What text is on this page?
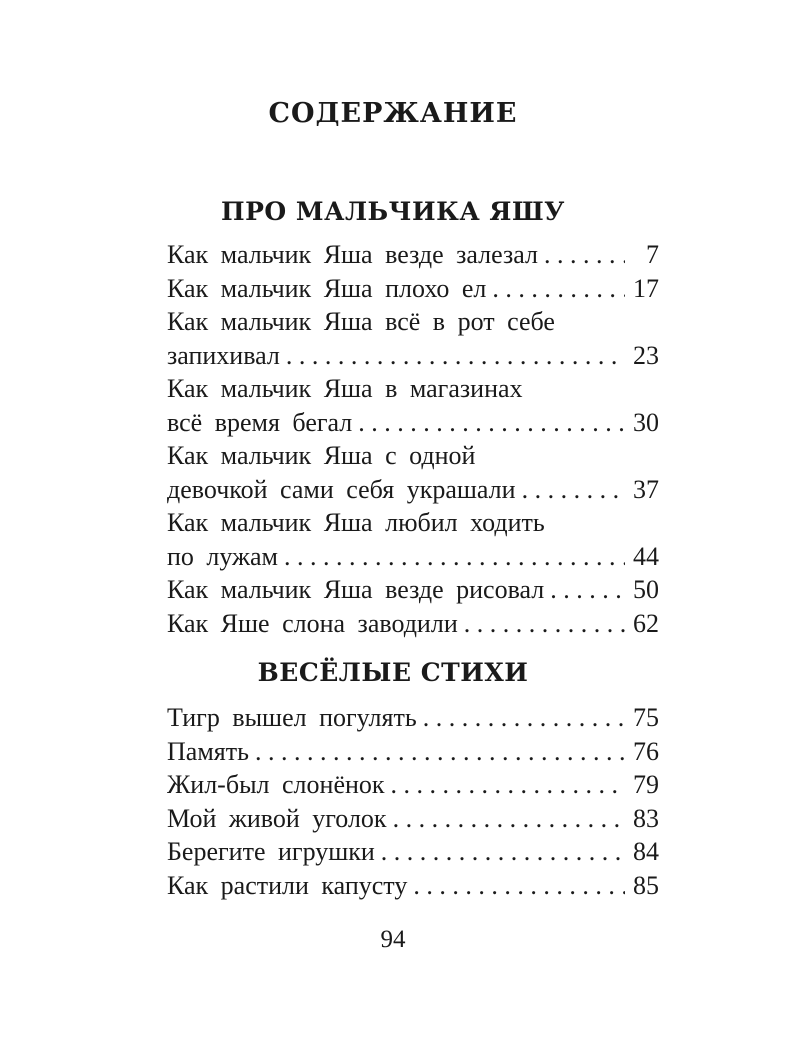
СОДЕРЖАНИЕ
ПРО МАЛЬЧИКА ЯШУ
Как мальчик Яша везде залезал . . .	7
Как мальчик Яша плохо ел . . .	17
Как мальчик Яша всё в рот себе
запихивал . . .	23
Как мальчик Яша в магазинах
всё время бегал . . .	30
Как мальчик Яша с одной
девочкой сами себя украшали . . .	37
Как мальчик Яша любил ходить
по лужам . . .	44
Как мальчик Яша везде рисовал . . .	50
Как Яше слона заводили . . .	62
ВЕСЁЛЫЕ СТИХИ
Тигр вышел погулять . . .	75
Память . . .	76
Жил-был слонёнок . . .	79
Мой живой уголок . . .	83
Берегите игрушки . . .	84
Как растили капусту . . .	85
94
